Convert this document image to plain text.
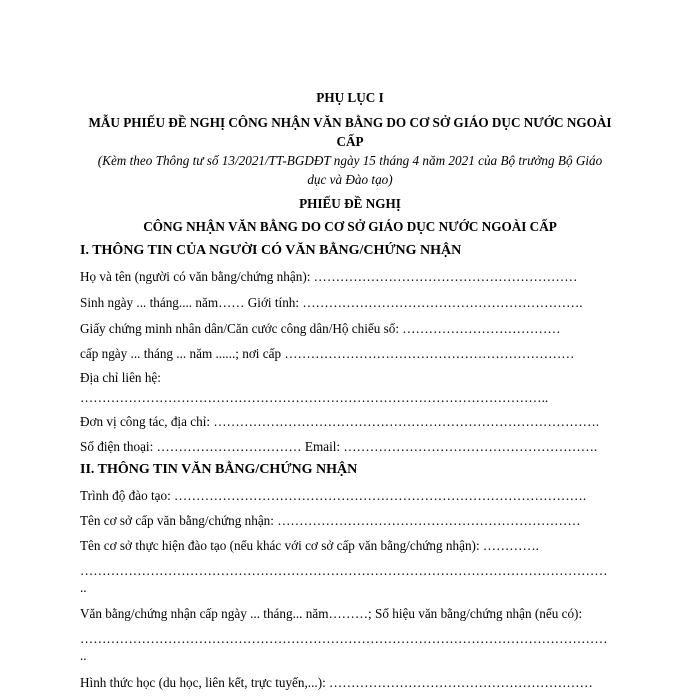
PHỤ LỤC I
MẪU PHIẾU ĐỀ NGHỊ CÔNG NHẬN VĂN BẰNG DO CƠ SỞ GIÁO DỤC NƯỚC NGOÀI
CẤP
(Kèm theo Thông tư số 13/2021/TT-BGDĐT ngày 15 tháng 4 năm 2021 của Bộ trưởng Bộ Giáo
dục và Đào tạo)
PHIẾU ĐỀ NGHỊ
CÔNG NHẬN VĂN BẰNG DO CƠ SỞ GIÁO DỤC NƯỚC NGOÀI CẤP
I. THÔNG TIN CỦA NGƯỜI CÓ VĂN BẰNG/CHỨNG NHẬN
Họ và tên (người có văn bằng/chứng nhận): ……………………………………………………
Sinh ngày ... tháng.... năm…… Giới tính: ……………………………………………………….
Giấy chứng minh nhân dân/Căn cước công dân/Hộ chiếu số: ………………………………
cấp ngày ... tháng ... năm ......; nơi cấp …………………………………………………………
Địa chỉ liên hệ:
……………………………………………………………………………………………..
Đơn vị công tác, địa chỉ: …………………………………………………………………………….
Số điện thoại: …………………………… Email: ………………………………………………….
II. THÔNG TIN VĂN BẰNG/CHỨNG NHẬN
Trình độ đào tạo: ………………………………………………………………………………….
Tên cơ sở cấp văn bằng/chứng nhận: ……………………………………………………………
Tên cơ sở thực hiện đào tạo (nếu khác với cơ sở cấp văn bằng/chứng nhận): ………….
…………………………………………………………………………………………………………
..
Văn bằng/chứng nhận cấp ngày ... tháng... năm………; Số hiệu văn bằng/chứng nhận (nếu có):
…………………………………………………………………………………………………………
..
Hình thức học (du học, liên kết, trực tuyến,...): ……………………………………………………
